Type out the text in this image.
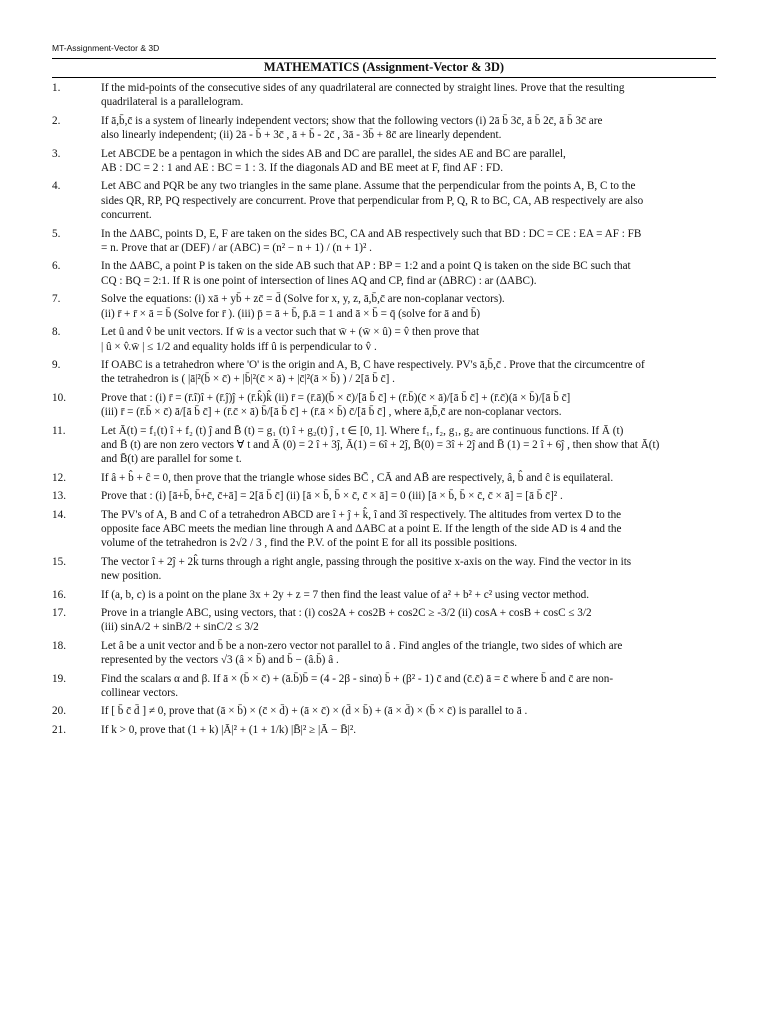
MT-Assignment-Vector & 3D
MATHEMATICS (Assignment-Vector & 3D)
1.	If the mid-points of the consecutive sides of any quadrilateral are connected by straight lines. Prove that the resulting
quadrilateral is a parallelogram.
2.	If ā,b̄,c̄ is a system of linearly independent vectors; show that the following vectors (i) 2ā b̄ 3c̄, ā b̄ 2c̄, ā b̄ 3c̄ are
also linearly independent; (ii) 2ā - b̄ + 3c̄ , ā + b̄ - 2c̄ , 3ā - 3b̄ + 8c̄ are linearly dependent.
3.	Let ABCDE be a pentagon in which the sides AB and DC are parallel, the sides AE and BC are parallel,
AB : DC = 2 : 1 and AE : BC = 1 : 3. If the diagonals AD and BE meet at F, find AF : FD.
4.	Let ABC and PQR be any two triangles in the same plane. Assume that the perpendicular from the points A, B, C to the
sides QR, RP, PQ respectively are concurrent. Prove that perpendicular from P, Q, R to BC, CA, AB respectively are also
concurrent.
5.	In the ΔABC, points D, E, F are taken on the sides BC, CA and AB respectively such that BD : DC = CE : EA = AF : FB
= n. Prove that ar (DEF) / ar (ABC) = (n² − n + 1) / (n + 1)² .
6.	In the ΔABC, a point P is taken on the side AB such that AP : BP = 1:2 and a point Q is taken on the side BC such that
CQ : BQ = 2:1. If R is one point of intersection of lines AQ and CP, find ar (ΔBRC) : ar (ΔABC).
7.	Solve the equations: (i) xā + yb̄ + zc̄ = d̄ (Solve for x, y, z, ā,b̄,c̄ are non-coplanar vectors).
(ii) r̄ + r̄ × ā = b̄ (Solve for r̄ ). (iii) p̄ = ā + b̄, p̄.ā = 1 and ā × b̄ = q̄ (solve for ā and b̄)
8.	Let û and v̂ be unit vectors. If w̄ is a vector such that w̄ + (w̄ × û) = v̂ then prove that
| û × v̂.w̄ | ≤ 1/2 and equality holds iff û is perpendicular to v̂ .
9.	If OABC is a tetrahedron where 'O' is the origin and A, B, C have respectively. PV's ā,b̄,c̄ . Prove that the circumcentre of
the tetrahedron is ( |ā|²(b̄ × c̄) + |b̄|²(c̄ × ā) + |c̄|²(ā × b̄) ) / 2[ā b̄ c̄] .
10.	Prove that : (i) r̄ = (r̄.î)î + (r̄.ĵ)ĵ + (r̄.k̂)k̂ (ii) r̄ = (r̄.ā)(b̄ × c̄)/[ā b̄ c̄] + (r̄.b̄)(c̄ × ā)/[ā b̄ c̄] + (r̄.c̄)(ā × b̄)/[ā b̄ c̄]
(iii) r̄ = (r̄.b̄ × c̄) ā/[ā b̄ c̄] + (r̄.c̄ × ā) b̄/[ā b̄ c̄] + (r̄.ā × b̄) c̄/[ā b̄ c̄] , where ā,b̄,c̄ are non-coplanar vectors.
11.	Let Ā(t) = f₁(t) î + f₂ (t) ĵ and B̄ (t) = g₁ (t) î + g₂(t) ĵ , t ∈ [0, 1]. Where f₁, f₂, g₁, g₂ are continuous functions. If Ā (t)
and B̄ (t) are non zero vectors ∀ t and Ā (0) = 2 î + 3ĵ, Ā(1) = 6î + 2ĵ, B̄(0) = 3î + 2ĵ and B̄ (1) = 2 î + 6ĵ , then show that Ā(t)
and B̄(t) are parallel for some t.
12.	If â + b̂ + ĉ = 0, then prove that the triangle whose sides BC̄ , CĀ and AB̄ are respectively, â, b̂ and ĉ is equilateral.
13.	Prove that : (i) [ā+b̄, b̄+c̄, c̄+ā] = 2[ā b̄ c̄] (ii) [ā × b̄, b̄ × c̄, c̄ × ā] = 0 (iii) [ā × b̄, b̄ × c̄, c̄ × ā] = [ā b̄ c̄]² .
14.	The PV's of A, B and C of a tetrahedron ABCD are î + ĵ + k̂, î and 3î respectively. The altitudes from vertex D to the
opposite face ABC meets the median line through A and ΔABC at a point E. If the length of the side AD is 4 and the
volume of the tetrahedron is 2√2 / 3 , find the P.V. of the point E for all its possible positions.
15.	The vector î + 2ĵ + 2k̂ turns through a right angle, passing through the positive x-axis on the way. Find the vector in its
new position.
16.	If (a, b, c) is a point on the plane 3x + 2y + z = 7 then find the least value of a² + b² + c² using vector method.
17.	Prove in a triangle ABC, using vectors, that : (i) cos2A + cos2B + cos2C ≥ -3/2 (ii) cosA + cosB + cosC ≤ 3/2
(iii) sinA/2 + sinB/2 + sinC/2 ≤ 3/2
18.	Let â be a unit vector and b̄ be a non-zero vector not parallel to â . Find angles of the triangle, two sides of which are
represented by the vectors √3 (â × b̄) and b̄ − (â.b̄) â .
19.	Find the scalars α and β. If ā × (b̄ × c̄) + (ā.b̄)b̄ = (4 - 2β - sinα) b̄ + (β² - 1) c̄ and (c̄.c̄) ā = c̄ where b̄ and c̄ are non-
collinear vectors.
20.	If [ b̄ c̄ d̄ ] ≠ 0, prove that (ā × b̄) × (c̄ × d̄) + (ā × c̄) × (d̄ × b̄) + (ā × d̄) × (b̄ × c̄) is parallel to ā .
21.	If k > 0, prove that (1 + k) |Ā|² + (1 + 1/k) |B̄|² ≥ |Ā − B̄|².
